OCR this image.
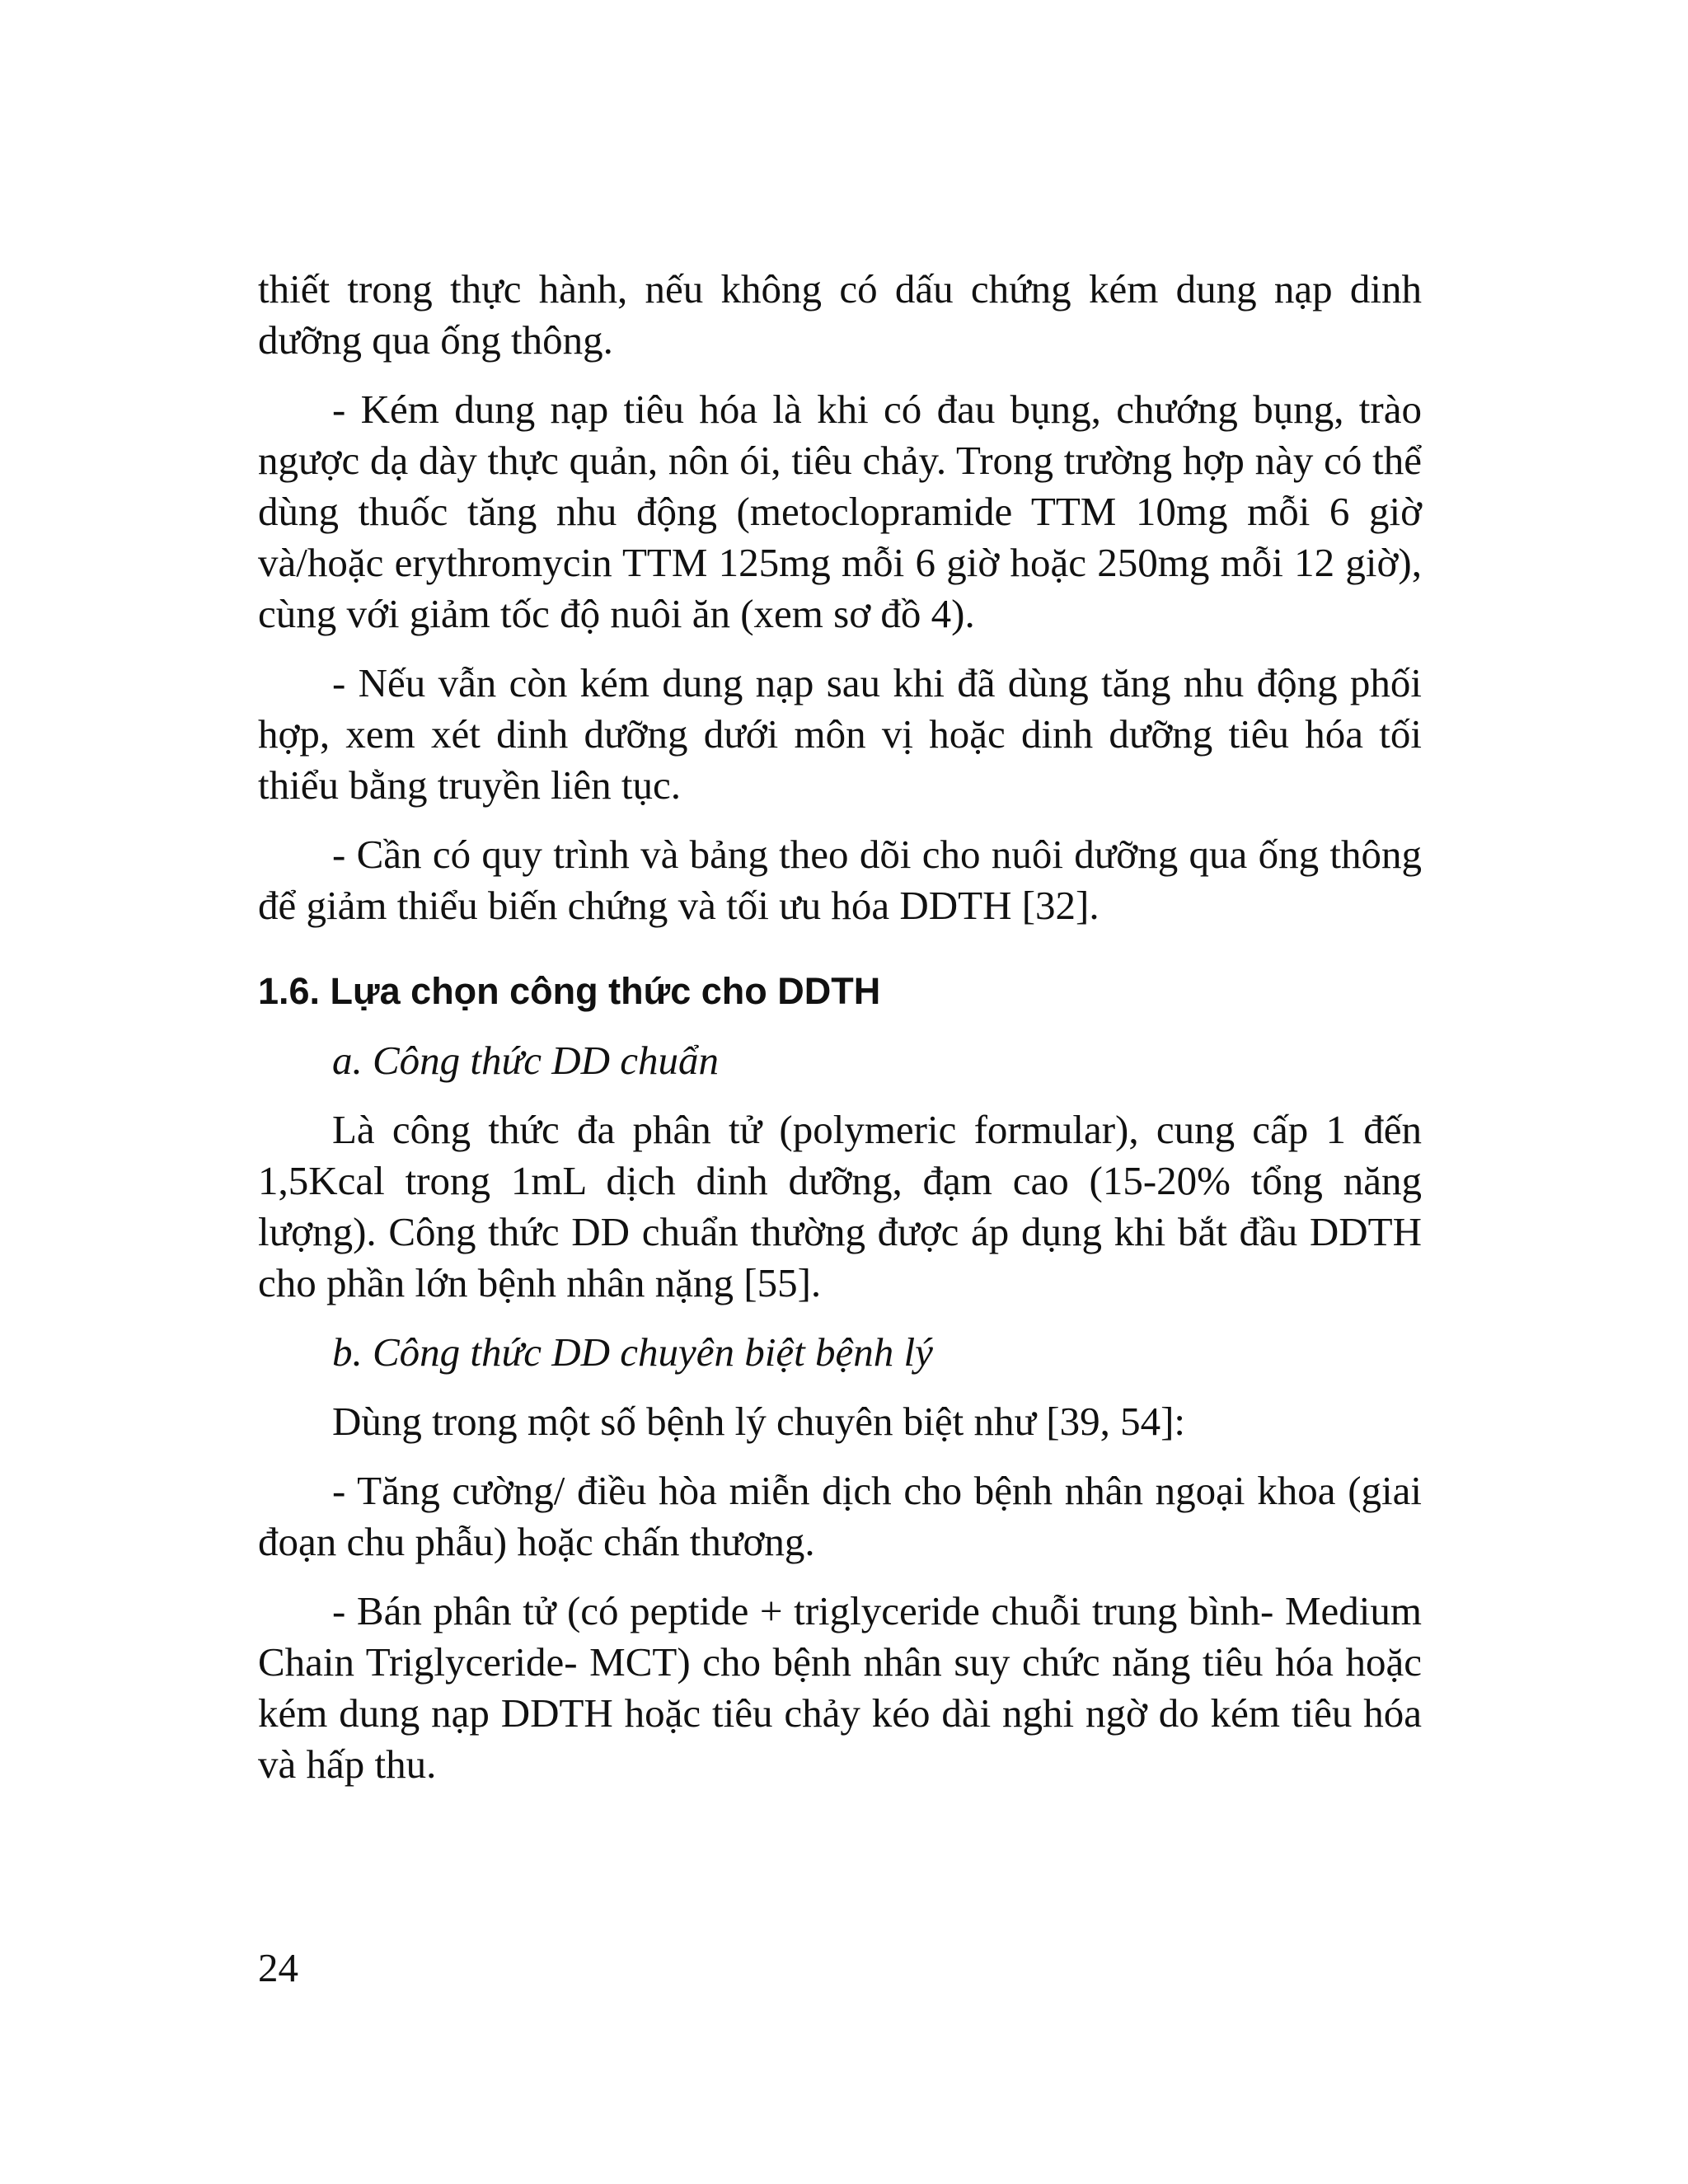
thiết trong thực hành, nếu không có dấu chứng kém dung nạp dinh dưỡng qua ống thông.

- Kém dung nạp tiêu hóa là khi có đau bụng, chướng bụng, trào ngược dạ dày thực quản, nôn ói, tiêu chảy. Trong trường hợp này có thể dùng thuốc tăng nhu động (metoclopramide TTM 10mg mỗi 6 giờ và/hoặc erythromycin TTM 125mg mỗi 6 giờ hoặc 250mg mỗi 12 giờ), cùng với giảm tốc độ nuôi ăn (xem sơ đồ 4).

- Nếu vẫn còn kém dung nạp sau khi đã dùng tăng nhu động phối hợp, xem xét dinh dưỡng dưới môn vị hoặc dinh dưỡng tiêu hóa tối thiểu bằng truyền liên tục.

- Cần có quy trình và bảng theo dõi cho nuôi dưỡng qua ống thông để giảm thiểu biến chứng và tối ưu hóa DDTH [32].

1.6. Lựa chọn công thức cho DDTH

a. Công thức DD chuẩn

Là công thức đa phân tử (polymeric formular), cung cấp 1 đến 1,5Kcal trong 1mL dịch dinh dưỡng, đạm cao (15-20% tổng năng lượng). Công thức DD chuẩn thường được áp dụng khi bắt đầu DDTH cho phần lớn bệnh nhân nặng [55].

b. Công thức DD chuyên biệt bệnh lý

Dùng trong một số bệnh lý chuyên biệt như [39, 54]:

- Tăng cường/ điều hòa miễn dịch cho bệnh nhân ngoại khoa (giai đoạn chu phẫu) hoặc chấn thương.

- Bán phân tử (có peptide + triglyceride chuỗi trung bình- Medium Chain Triglyceride- MCT) cho bệnh nhân suy chức năng tiêu hóa hoặc kém dung nạp DDTH hoặc tiêu chảy kéo dài nghi ngờ do kém tiêu hóa và hấp thu.

24
